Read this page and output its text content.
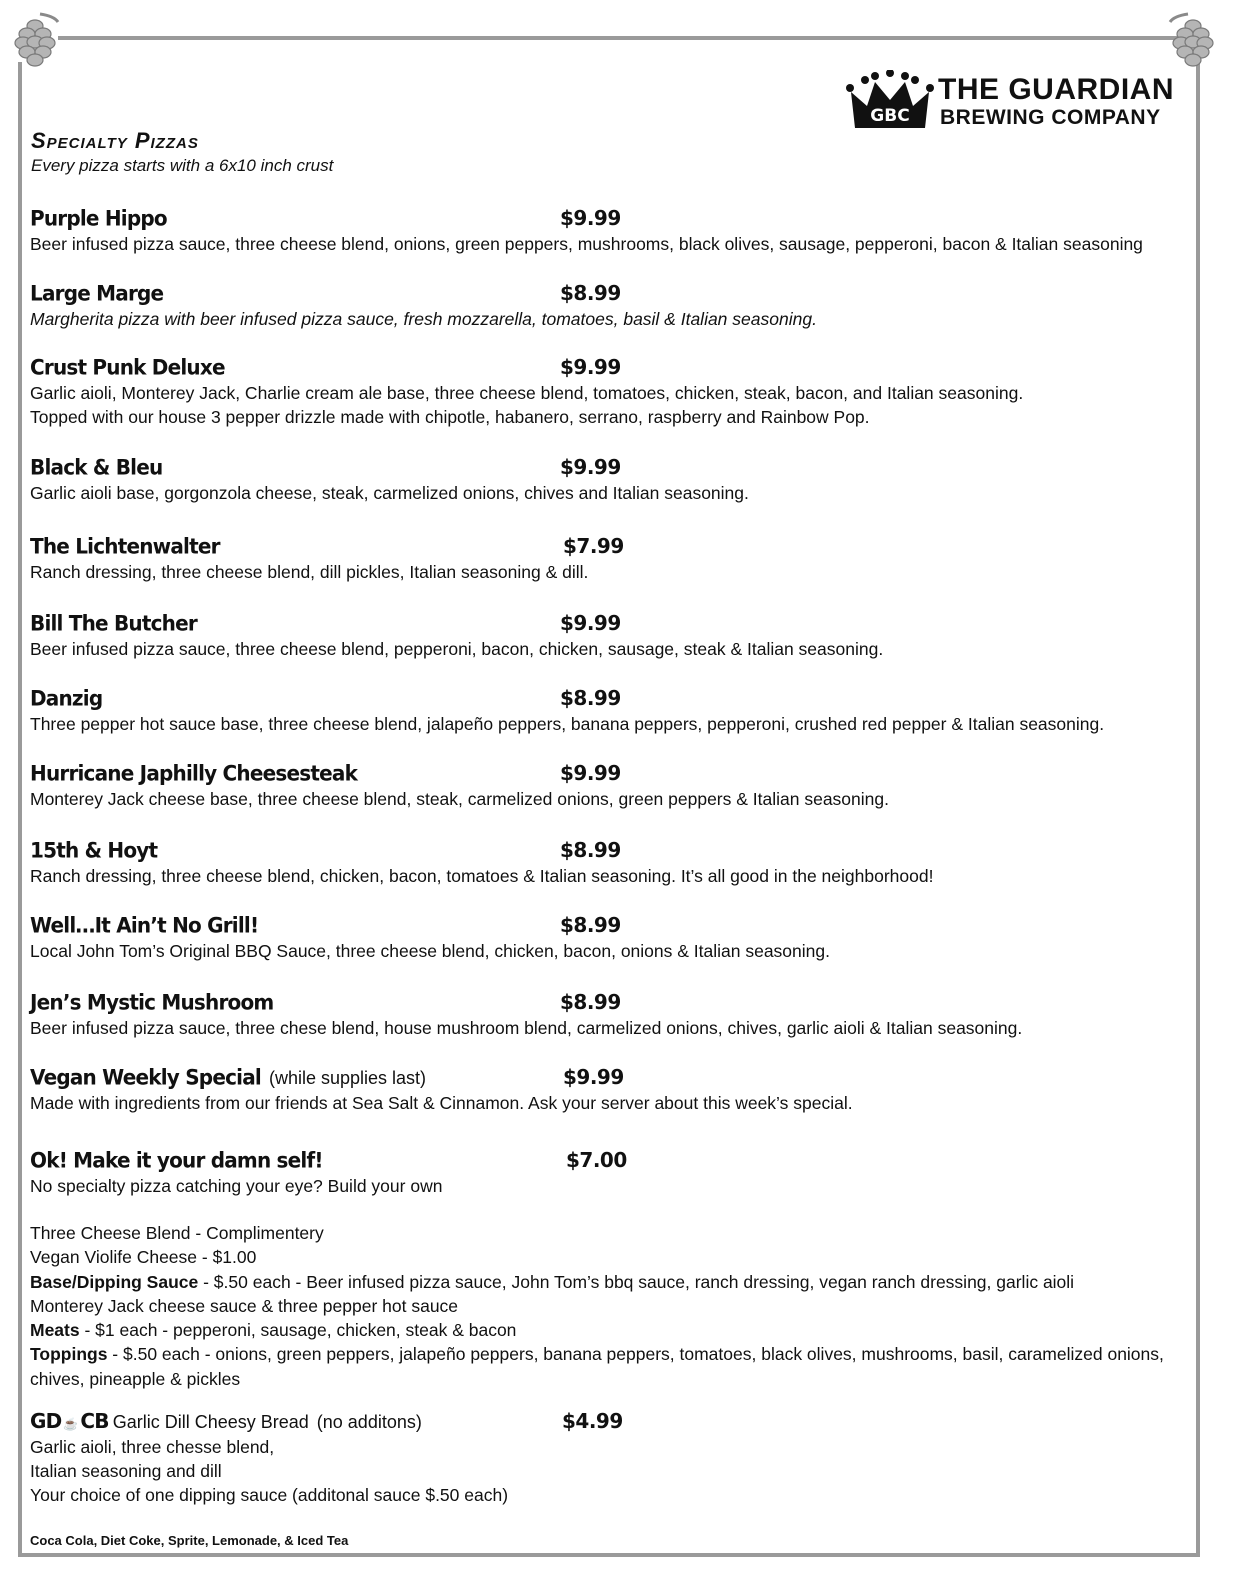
GBC
THE GUARDIAN
BREWING COMPANY
Specialty Pizzas
Every pizza starts with a 6x10 inch crust
Purple Hippo	$9.99
Beer infused pizza sauce, three cheese blend, onions, green peppers, mushrooms, black olives, sausage, pepperoni, bacon & Italian seasoning
Large Marge	$8.99
Margherita pizza with beer infused pizza sauce, fresh mozzarella, tomatoes, basil & Italian seasoning.
Crust Punk Deluxe	$9.99
Garlic aioli, Monterey Jack, Charlie cream ale base, three cheese blend, tomatoes, chicken, steak, bacon, and Italian seasoning.
Topped with our house 3 pepper drizzle made with chipotle, habanero, serrano, raspberry and Rainbow Pop.
Black & Bleu	$9.99
Garlic aioli base, gorgonzola cheese, steak, carmelized onions, chives and Italian seasoning.
The Lichtenwalter	$7.99
Ranch dressing, three cheese blend, dill pickles, Italian seasoning & dill.
Bill The Butcher	$9.99
Beer infused pizza sauce, three cheese blend, pepperoni, bacon, chicken, sausage, steak & Italian seasoning.
Danzig	$8.99
Three pepper hot sauce base, three cheese blend, jalapeño peppers, banana peppers, pepperoni, crushed red pepper & Italian seasoning.
Hurricane Japhilly Cheesesteak	$9.99
Monterey Jack cheese base, three cheese blend, steak, carmelized onions, green peppers & Italian seasoning.
15th & Hoyt	$8.99
Ranch dressing, three cheese blend, chicken, bacon, tomatoes & Italian seasoning. It’s all good in the neighborhood!
Well…It Ain’t No Grill!	$8.99
Local John Tom’s Original BBQ Sauce, three cheese blend, chicken, bacon, onions & Italian seasoning.
Jen’s Mystic Mushroom	$8.99
Beer infused pizza sauce, three chese blend, house mushroom blend, carmelized onions, chives, garlic aioli & Italian seasoning.
Vegan Weekly Special (while supplies last)	$9.99
Made with ingredients from our friends at Sea Salt & Cinnamon. Ask your server about this week’s special.
Ok! Make it your damn self!	$7.00
No specialty pizza catching your eye? Build your own
Three Cheese Blend - Complimentery
Vegan Violife Cheese - $1.00
Base/Dipping Sauce - $.50 each - Beer infused pizza sauce, John Tom’s bbq sauce, ranch dressing, vegan ranch dressing, garlic aioli
Monterey Jack cheese sauce & three pepper hot sauce
Meats - $1 each - pepperoni, sausage, chicken, steak & bacon
Toppings - $.50 each - onions, green peppers, jalapeño peppers, banana peppers, tomatoes, black olives, mushrooms, basil, caramelized onions,
chives, pineapple & pickles
GD ☕ CB Garlic Dill Cheesy Bread (no additons)	$4.99
Garlic aioli, three chesse blend,
Italian seasoning and dill
Your choice of one dipping sauce (additonal sauce $.50 each)
Coca Cola, Diet Coke, Sprite, Lemonade, & Iced Tea
